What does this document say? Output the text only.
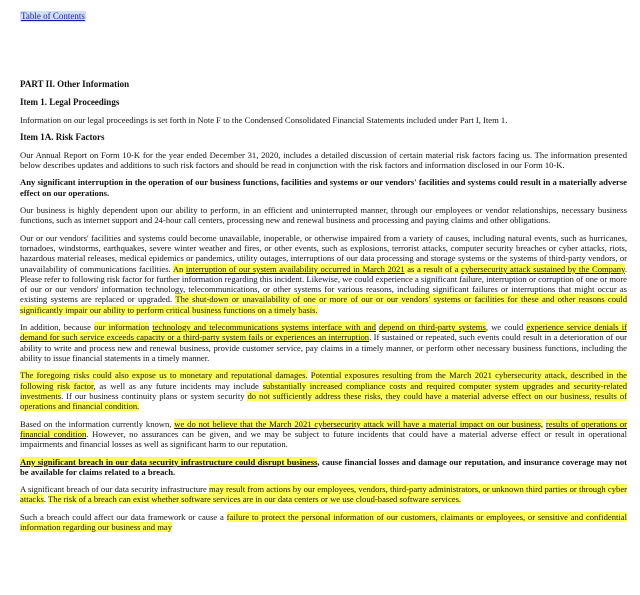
Table of Contents
PART II. Other Information
Item 1. Legal Proceedings

Information on our legal proceedings is set forth in Note F to the Condensed Consolidated Financial Statements included under Part I, Item 1.

Item 1A. Risk Factors

Our Annual Report on Form 10-K for the year ended December 31, 2020, includes a detailed discussion of certain material risk factors facing us. The information presented below describes updates and additions to such risk factors and should be read in conjunction with the risk factors and information disclosed in our Form 10-K.

Any significant interruption in the operation of our business functions, facilities and systems or our vendors' facilities and systems could result in a materially adverse effect on our operations.

Our business is highly dependent upon our ability to perform, in an efficient and uninterrupted manner, through our employees or vendor relationships, necessary business functions, such as internet support and 24-hour call centers, processing new and renewal business and processing and paying claims and other obligations.

Our or our vendors' facilities and systems could become unavailable, inoperable, or otherwise impaired from a variety of causes, including natural events, such as hurricanes, tornadoes, windstorms, earthquakes, severe winter weather and fires, or other events, such as explosions, terrorist attacks, computer security breaches or cyber attacks, riots, hazardous material releases, medical epidemics or pandemics, utility outages, interruptions of our data processing and storage systems or the systems of third-party vendors, or unavailability of communications facilities. An interruption of our system availability occurred in March 2021 as a result of a cybersecurity attack sustained by the Company. Please refer to following risk factor for further information regarding this incident. Likewise, we could experience a significant failure, interruption or corruption of one or more of our or our vendors' information technology, telecommunications, or other systems for various reasons, including significant failures or interruptions that might occur as existing systems are replaced or upgraded. The shut-down or unavailability of one or more of our or our vendors' systems or facilities for these and other reasons could significantly impair our ability to perform critical business functions on a timely basis.

In addition, because our information technology and telecommunications systems interface with and depend on third-party systems, we could experience service denials if demand for such service exceeds capacity or a third-party system fails or experiences an interruption. If sustained or repeated, such events could result in a deterioration of our ability to write and process new and renewal business, provide customer service, pay claims in a timely manner, or perform other necessary business functions, including the ability to issue financial statements in a timely manner.

The foregoing risks could also expose us to monetary and reputational damages. Potential exposures resulting from the March 2021 cybersecurity attack, described in the following risk factor, as well as any future incidents may include substantially increased compliance costs and required computer system upgrades and security-related investments. If our business continuity plans or system security do not sufficiently address these risks, they could have a material adverse effect on our business, results of operations and financial condition.

Based on the information currently known, we do not believe that the March 2021 cybersecurity attack will have a material impact on our business, results of operations or financial condition. However, no assurances can be given, and we may be subject to future incidents that could have a material adverse effect or result in operational impairments and financial losses as well as significant harm to our reputation.

Any significant breach in our data security infrastructure could disrupt business, cause financial losses and damage our reputation, and insurance coverage may not be available for claims related to a breach.

A significant breach of our data security infrastructure may result from actions by our employees, vendors, third-party administrators, or unknown third parties or through cyber attacks. The risk of a breach can exist whether software services are in our data centers or we use cloud-based software services.

Such a breach could affect our data framework or cause a failure to protect the personal information of our customers, claimants or employees, or sensitive and confidential information regarding our business and may
